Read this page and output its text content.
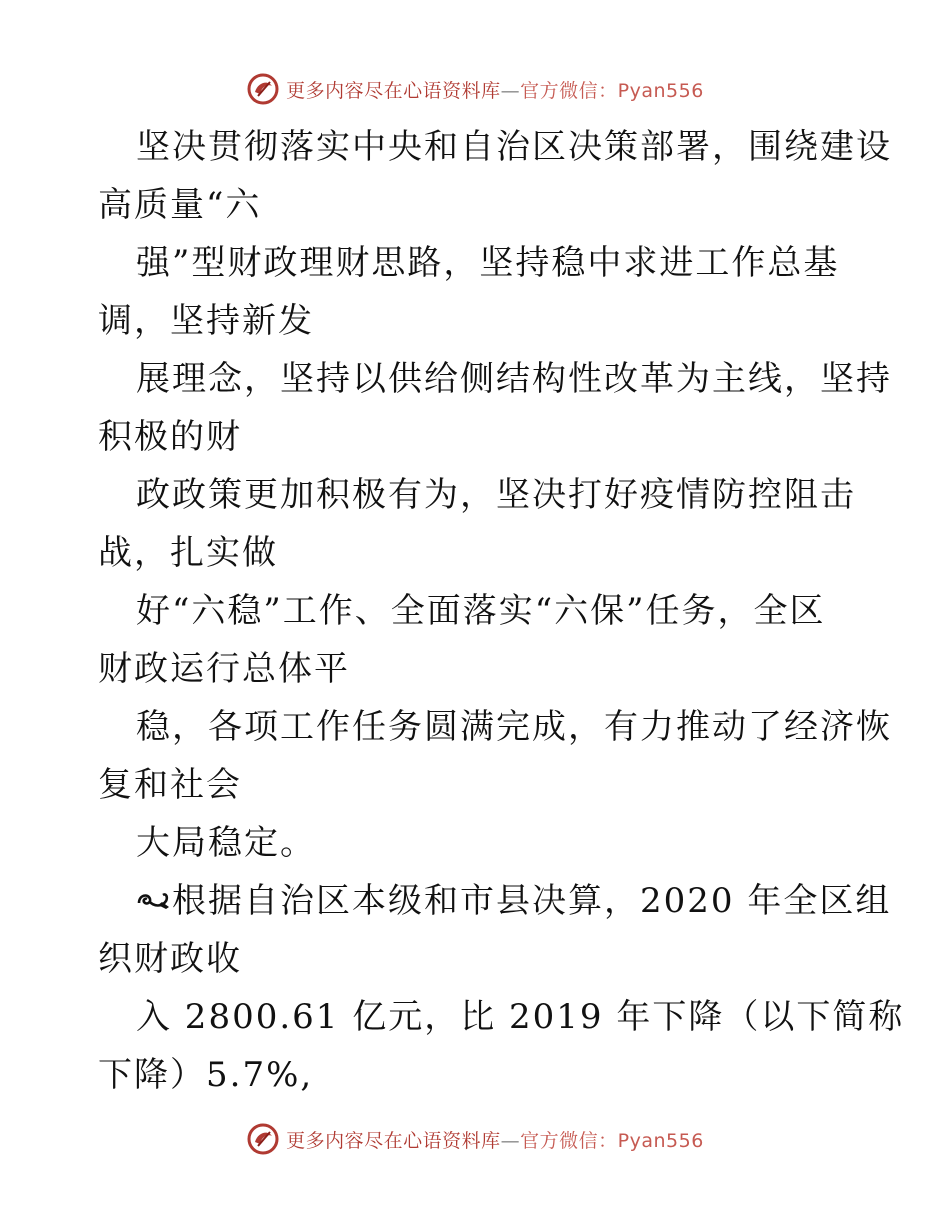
更多内容尽在心语资料库—官方微信：Pyan556
坚决贯彻落实中央和自治区决策部署，围绕建设
高质量“六
强”型财政理财思路，坚持稳中求进工作总基
调，坚持新发
展理念，坚持以供给侧结构性改革为主线，坚持
积极的财
政政策更加积极有为，坚决打好疫情防控阻击
战，扎实做
好“六稳”工作、全面落实“六保”任务，全区
财政运行总体平
稳，各项工作任务圆满完成，有力推动了经济恢
复和社会
大局稳定。
根据自治区本级和市县决算，2020 年全区组
织财政收
入 2800.61 亿元，比 2019 年下降（以下简称
下降）5.7%,
更多内容尽在心语资料库—官方微信：Pyan556
